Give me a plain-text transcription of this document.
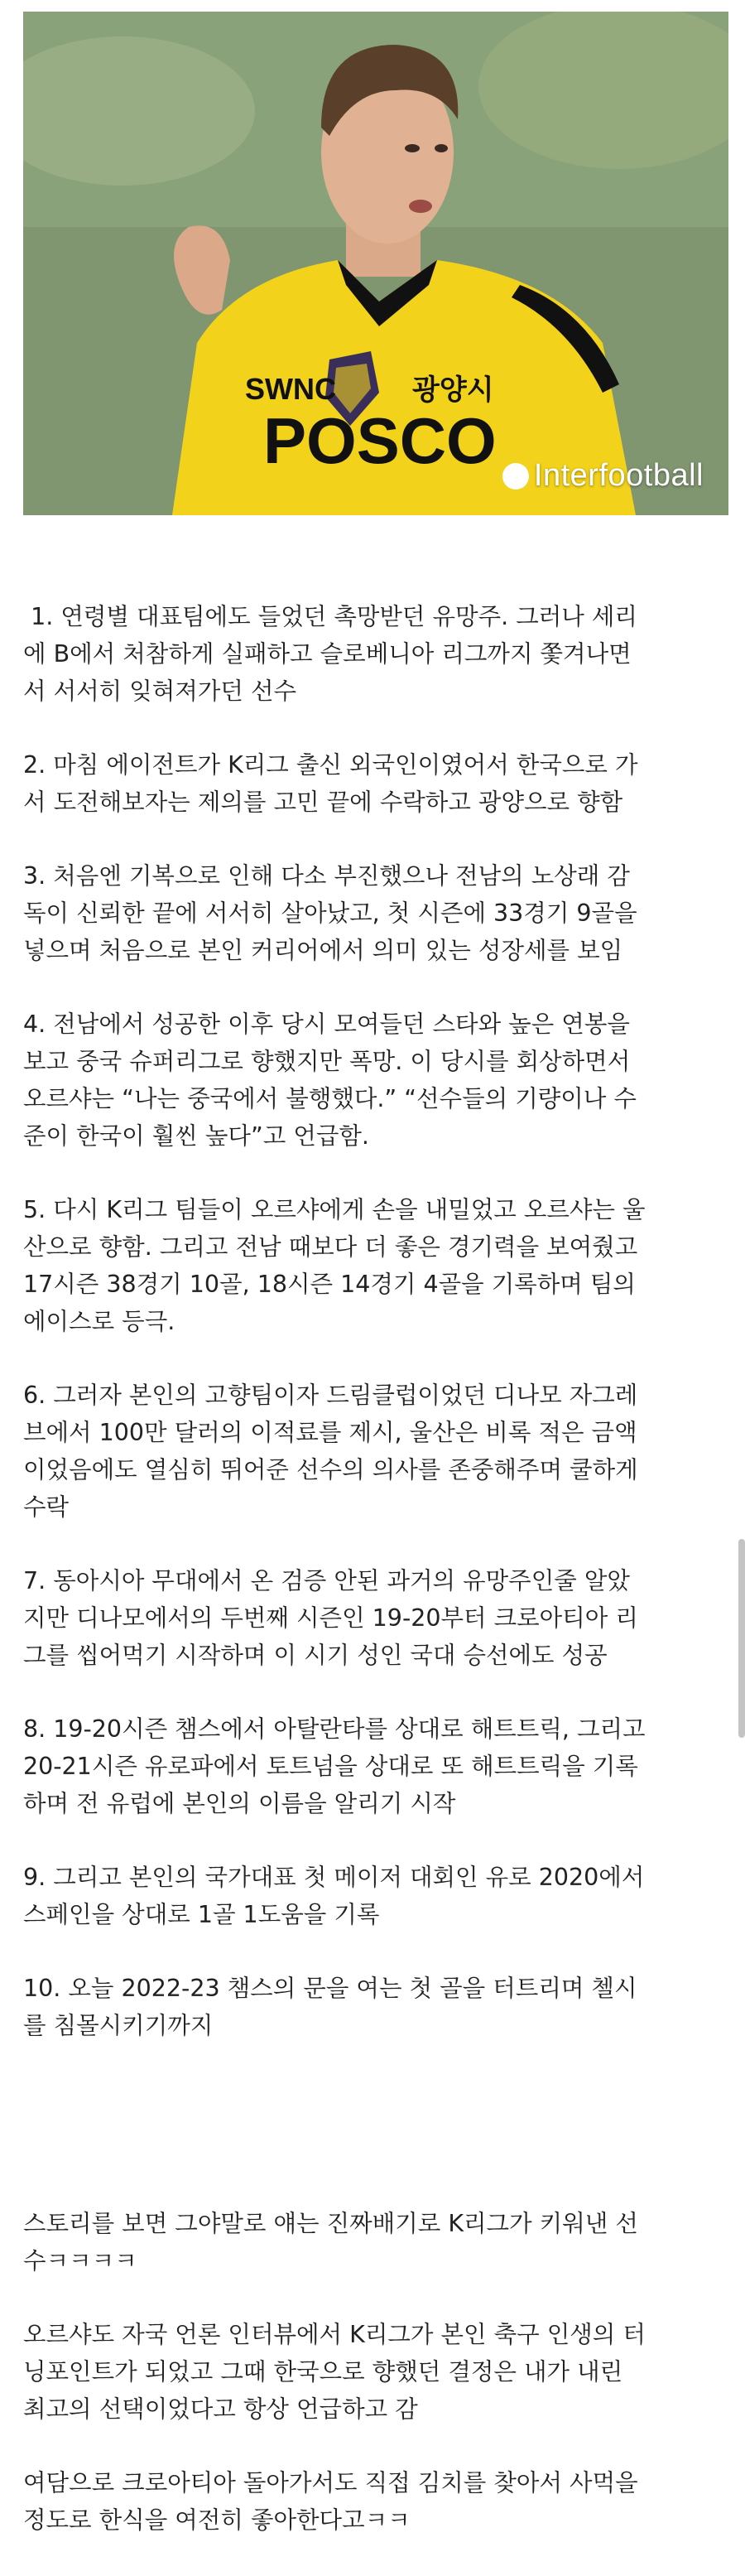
POSCO
SWNC	광양시
Interfootball

1. 연령별 대표팀에도 들었던 촉망받던 유망주. 그러나 세리
에 B에서 처참하게 실패하고 슬로베니아 리그까지 쫓겨나면
서 서서히 잊혀져가던 선수

2. 마침 에이전트가 K리그 출신 외국인이였어서 한국으로 가
서 도전해보자는 제의를 고민 끝에 수락하고 광양으로 향함

3. 처음엔 기복으로 인해 다소 부진했으나 전남의 노상래 감
독이 신뢰한 끝에 서서히 살아났고, 첫 시즌에 33경기 9골을
넣으며 처음으로 본인 커리어에서 의미 있는 성장세를 보임

4. 전남에서 성공한 이후 당시 모여들던 스타와 높은 연봉을
보고 중국 슈퍼리그로 향했지만 폭망. 이 당시를 회상하면서
오르샤는 “나는 중국에서 불행했다.” “선수들의 기량이나 수
준이 한국이 훨씬 높다”고 언급함.

5. 다시 K리그 팀들이 오르샤에게 손을 내밀었고 오르샤는 울
산으로 향함. 그리고 전남 때보다 더 좋은 경기력을 보여줬고
17시즌 38경기 10골, 18시즌 14경기 4골을 기록하며 팀의
에이스로 등극.

6. 그러자 본인의 고향팀이자 드림클럽이었던 디나모 자그레
브에서 100만 달러의 이적료를 제시, 울산은 비록 적은 금액
이었음에도 열심히 뛰어준 선수의 의사를 존중해주며 쿨하게
수락

7. 동아시아 무대에서 온 검증 안된 과거의 유망주인줄 알았
지만 디나모에서의 두번째 시즌인 19-20부터 크로아티아 리
그를 씹어먹기 시작하며 이 시기 성인 국대 승선에도 성공

8. 19-20시즌 챔스에서 아탈란타를 상대로 해트트릭, 그리고
20-21시즌 유로파에서 토트넘을 상대로 또 해트트릭을 기록
하며 전 유럽에 본인의 이름을 알리기 시작

9. 그리고 본인의 국가대표 첫 메이저 대회인 유로 2020에서
스페인을 상대로 1골 1도움을 기록

10. 오늘 2022-23 챔스의 문을 여는 첫 골을 터트리며 첼시
를 침몰시키기까지

스토리를 보면 그야말로 얘는 진짜배기로 K리그가 키워낸 선
수ㅋㅋㅋㅋ

오르샤도 자국 언론 인터뷰에서 K리그가 본인 축구 인생의 터
닝포인트가 되었고 그때 한국으로 향했던 결정은 내가 내린
최고의 선택이었다고 항상 언급하고 감

여담으로 크로아티아 돌아가서도 직접 김치를 찾아서 사먹을
정도로 한식을 여전히 좋아한다고ㅋㅋ
